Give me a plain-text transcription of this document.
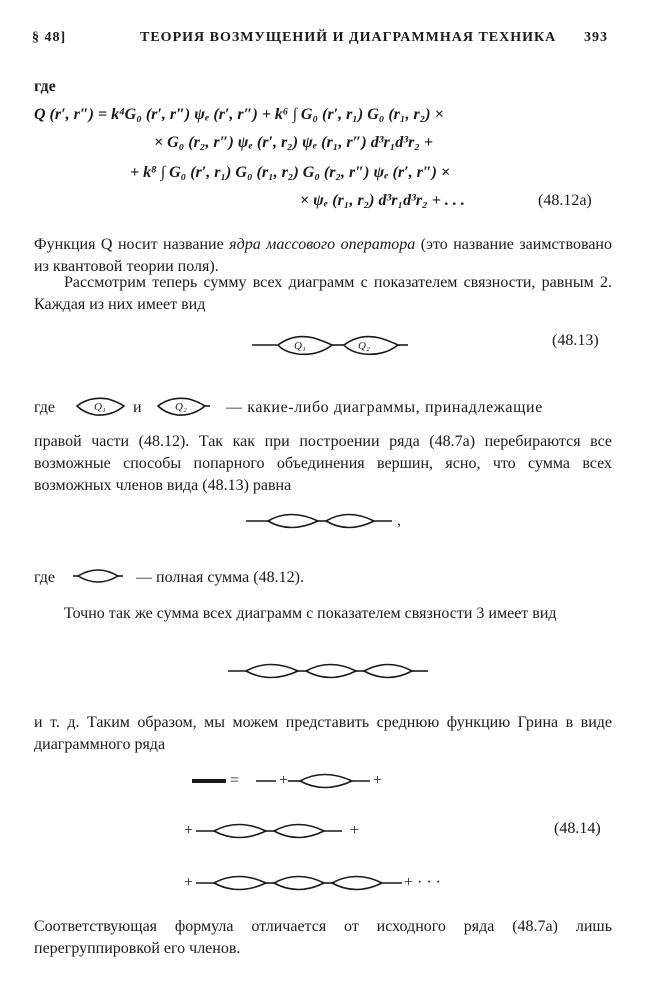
§ 48]	ТЕОРИЯ ВОЗМУЩЕНИЙ И ДИАГРАММНАЯ ТЕХНИКА 393
где
Q (r′, r″) = k⁴G₀ (r′, r″) ψₑ (r′, r″) + k⁶ ∫ G₀ (r′, r₁) G₀ (r₁, r₂) ×
× G₀ (r₂, r″) ψₑ (r′, r₂) ψₑ (r₁, r″) d³r₁d³r₂ +
+ k⁸ ∫ G₀ (r′, r₁) G₀ (r₁, r₂) G₀ (r₂, r″) ψₑ (r′, r″) ×
× ψₑ (r₁, r₂) d³r₁d³r₂ + . . .	(48.12a)
Функция Q носит название ядра массового оператора (это название заимствовано из квантовой теории поля).
Рассмотрим теперь сумму всех диаграмм с показателем связности, равным 2. Каждая из них имеет вид
Q₁	Q₂	(48.13)
где	Q₁ и	Q₂ — какие-либо диаграммы, принадлежащие
правой части (48.12). Так как при построении ряда (48.7а) перебираются все возможные способы попарного объединения вершин, ясно, что сумма всех возможных членов вида (48.13) равна
,
где	— полная сумма (48.12).
Точно так же сумма всех диаграмм с показателем связности 3 имеет вид
и т. д. Таким образом, мы можем представить среднюю функцию Грина в виде диаграммного ряда
= +	+
+	+	(48.14)
+	+ · · ·
Соответствующая формула отличается от исходного ряда (48.7а) лишь перегруппировкой его членов.
